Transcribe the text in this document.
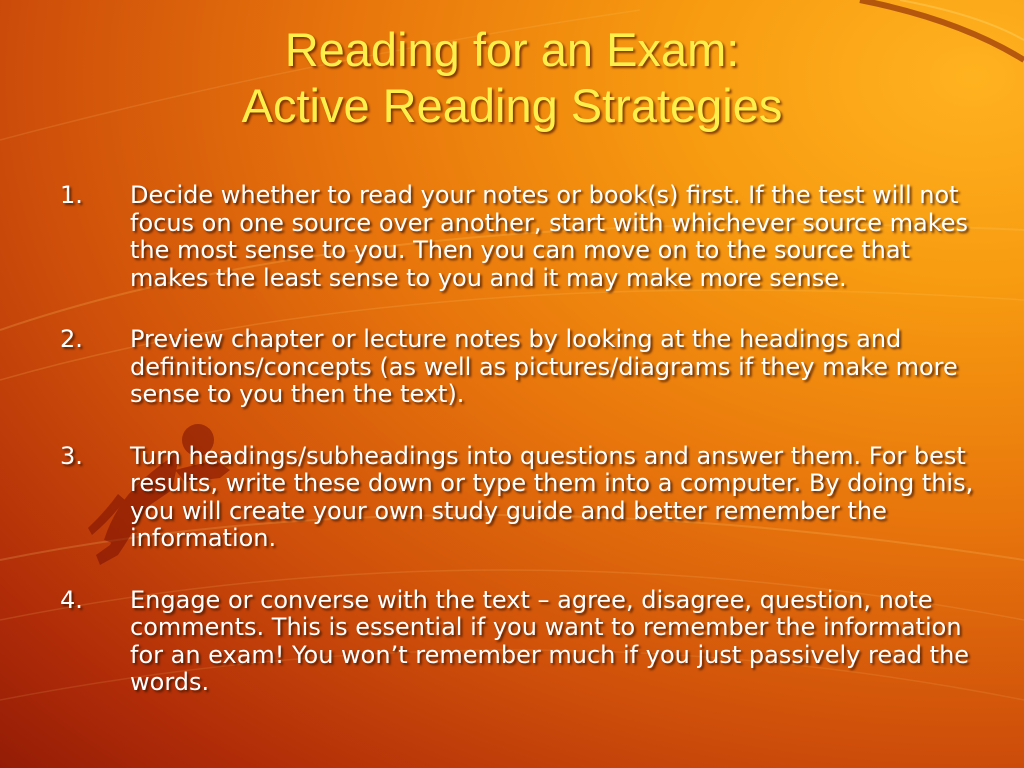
Reading for an Exam:
Active Reading Strategies
1.	Decide whether to read your notes or book(s) first. If the test will not focus on one source over another, start with whichever source makes the most sense to you. Then you can move on to the source that makes the least sense to you and it may make more sense.
2.	Preview chapter or lecture notes by looking at the headings and definitions/concepts (as well as pictures/diagrams if they make more sense to you then the text).
3.	Turn headings/subheadings into questions and answer them. For best results, write these down or type them into a computer. By doing this, you will create your own study guide and better remember the information.
4.	Engage or converse with the text – agree, disagree, question, note comments. This is essential if you want to remember the information for an exam! You won’t remember much if you just passively read the words.
